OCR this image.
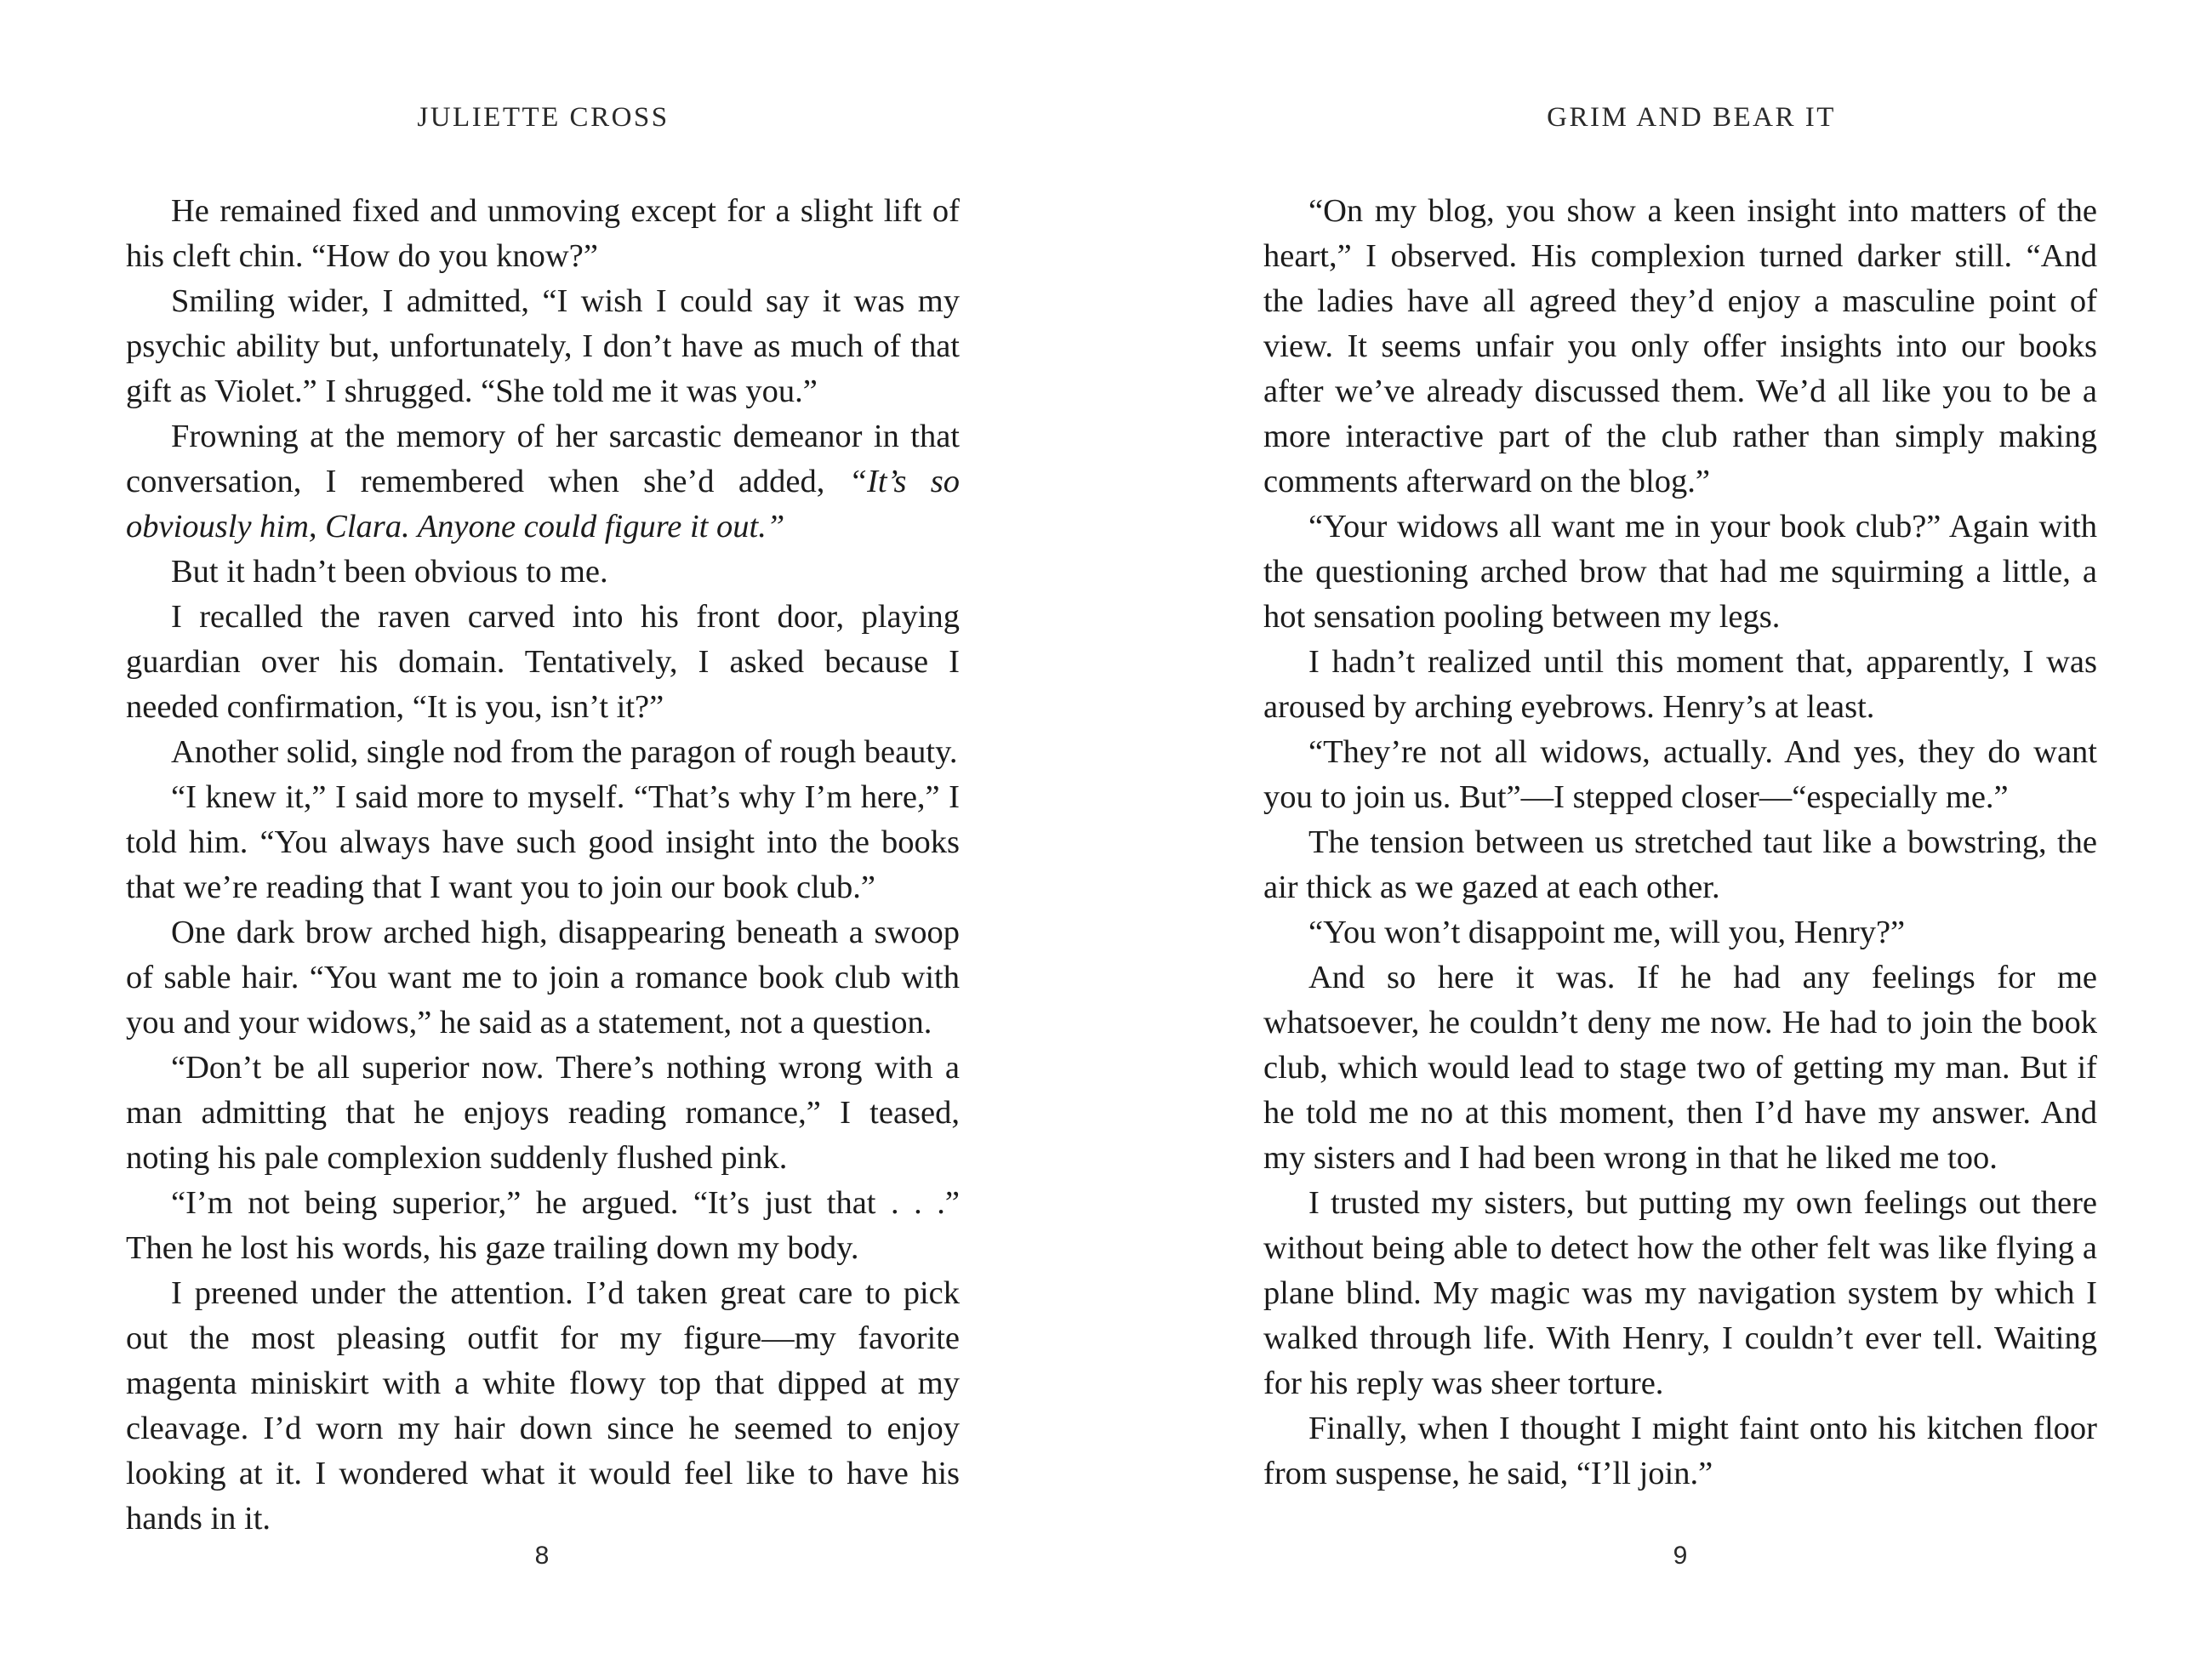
JULIETTE CROSS

He remained fixed and unmoving except for a slight lift of his cleft chin. “How do you know?”

Smiling wider, I admitted, “I wish I could say it was my psychic ability but, unfortunately, I don’t have as much of that gift as Violet.” I shrugged. “She told me it was you.”

Frowning at the memory of her sarcastic demeanor in that conversation, I remembered when she’d added, “It’s so obviously him, Clara. Anyone could figure it out.”

But it hadn’t been obvious to me.

I recalled the raven carved into his front door, playing guardian over his domain. Tentatively, I asked because I needed confirmation, “It is you, isn’t it?”

Another solid, single nod from the paragon of rough beauty.

“I knew it,” I said more to myself. “That’s why I’m here,” I told him. “You always have such good insight into the books that we’re reading that I want you to join our book club.”

One dark brow arched high, disappearing beneath a swoop of sable hair. “You want me to join a romance book club with you and your widows,” he said as a statement, not a question.

“Don’t be all superior now. There’s nothing wrong with a man admitting that he enjoys reading romance,” I teased, noting his pale complexion suddenly flushed pink.

“I’m not being superior,” he argued. “It’s just that . . .” Then he lost his words, his gaze trailing down my body.

I preened under the attention. I’d taken great care to pick out the most pleasing outfit for my figure—my favorite magenta miniskirt with a white flowy top that dipped at my cleavage. I’d worn my hair down since he seemed to enjoy looking at it. I wondered what it would feel like to have his hands in it.

8
GRIM AND BEAR IT

“On my blog, you show a keen insight into matters of the heart,” I observed. His complexion turned darker still. “And the ladies have all agreed they’d enjoy a masculine point of view. It seems unfair you only offer insights into our books after we’ve already discussed them. We’d all like you to be a more interactive part of the club rather than simply making comments afterward on the blog.”

“Your widows all want me in your book club?” Again with the questioning arched brow that had me squirming a little, a hot sensation pooling between my legs.

I hadn’t realized until this moment that, apparently, I was aroused by arching eyebrows. Henry’s at least.

“They’re not all widows, actually. And yes, they do want you to join us. But”—I stepped closer—“especially me.”

The tension between us stretched taut like a bowstring, the air thick as we gazed at each other.

“You won’t disappoint me, will you, Henry?”

And so here it was. If he had any feelings for me whatsoever, he couldn’t deny me now. He had to join the book club, which would lead to stage two of getting my man. But if he told me no at this moment, then I’d have my answer. And my sisters and I had been wrong in that he liked me too.

I trusted my sisters, but putting my own feelings out there without being able to detect how the other felt was like flying a plane blind. My magic was my navigation system by which I walked through life. With Henry, I couldn’t ever tell. Waiting for his reply was sheer torture.

Finally, when I thought I might faint onto his kitchen floor from suspense, he said, “I’ll join.”

9
